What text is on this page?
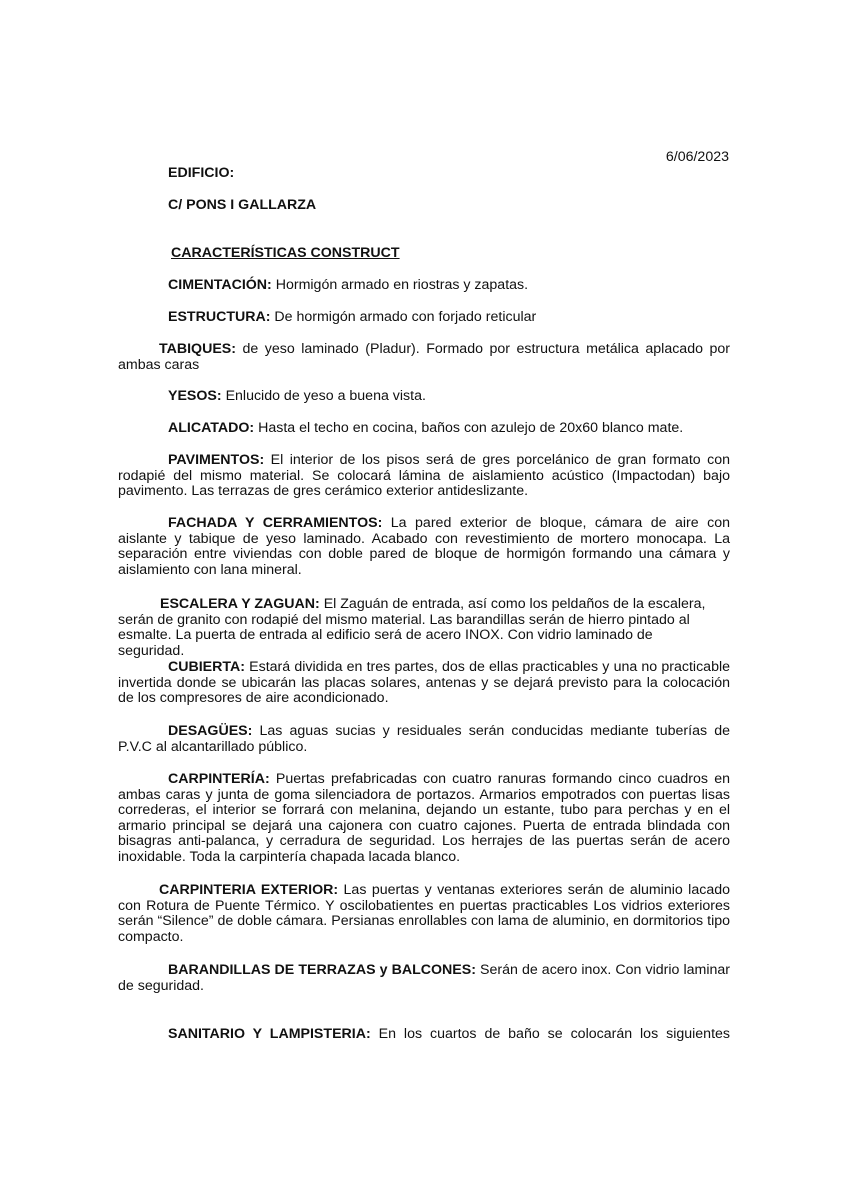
6/06/2023
EDIFICIO:
C/ PONS I GALLARZA
CARACTERÍSTICAS CONSTRUCT
CIMENTACIÓN: Hormigón armado en riostras y zapatas.
ESTRUCTURA: De hormigón armado con forjado reticular

TABIQUES: de yeso laminado (Pladur). Formado por estructura metálica aplacado por ambas caras

YESOS: Enlucido de yeso a buena vista.
ALICATADO: Hasta el techo en cocina, baños con azulejo de 20x60 blanco mate.

PAVIMENTOS: El interior de los pisos será de gres porcelánico de gran formato con rodapié del mismo material. Se colocará lámina de aislamiento acústico (Impactodan) bajo pavimento. Las terrazas de gres cerámico exterior antideslizante.

FACHADA Y CERRAMIENTOS: La pared exterior de bloque, cámara de aire con aislante y tabique de yeso laminado. Acabado con revestimiento de mortero monocapa. La separación entre viviendas con doble pared de bloque de hormigón formando una cámara y aislamiento con lana mineral.

ESCALERA Y ZAGUAN: El Zaguán de entrada, así como los peldaños de la escalera, serán de granito con rodapié del mismo material. Las barandillas serán de hierro pintado al esmalte. La puerta de entrada al edificio será de acero INOX. Con vidrio laminado de seguridad.

CUBIERTA: Estará dividida en tres partes, dos de ellas practicables y una no practicable invertida donde se ubicarán las placas solares, antenas y se dejará previsto para la colocación de los compresores de aire acondicionado.

DESAGÜES: Las aguas sucias y residuales serán conducidas mediante tuberías de P.V.C al alcantarillado público.

CARPINTERÍA: Puertas prefabricadas con cuatro ranuras formando cinco cuadros en ambas caras y junta de goma silenciadora de portazos. Armarios empotrados con puertas lisas correderas, el interior se forrará con melanina, dejando un estante, tubo para perchas y en el armario principal se dejará una cajonera con cuatro cajones. Puerta de entrada blindada con bisagras anti-palanca, y cerradura de seguridad. Los herrajes de las puertas serán de acero inoxidable. Toda la carpintería chapada lacada blanco.

CARPINTERIA EXTERIOR: Las puertas y ventanas exteriores serán de aluminio lacado con Rotura de Puente Térmico. Y oscilobatientes en puertas practicables Los vidrios exteriores serán “Silence” de doble cámara. Persianas enrollables con lama de aluminio, en dormitorios tipo compacto.

BARANDILLAS DE TERRAZAS y BALCONES: Serán de acero inox. Con vidrio laminar de seguridad.

SANITARIO Y LAMPISTERIA: En los cuartos de baño se colocarán los siguientes
